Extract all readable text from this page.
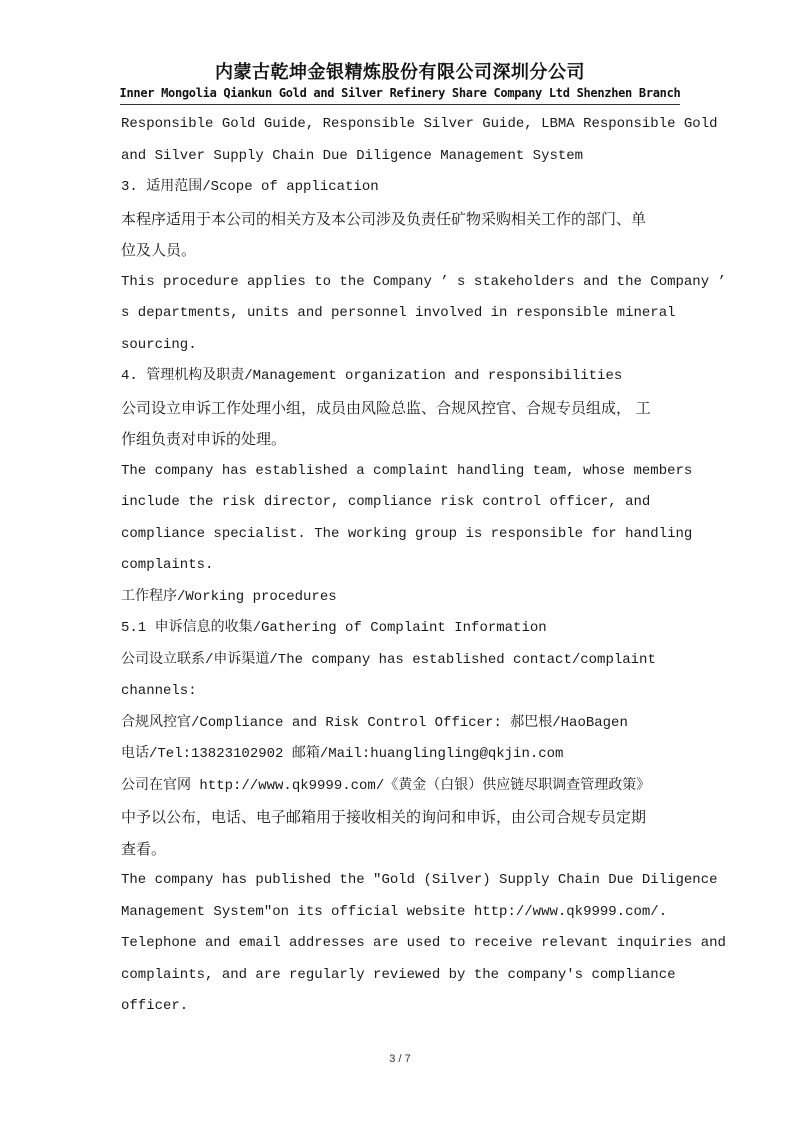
内蒙古乾坤金银精炼股份有限公司深圳分公司
Inner Mongolia Qiankun Gold and Silver Refinery Share Company Ltd Shenzhen Branch
Responsible Gold Guide, Responsible Silver Guide, LBMA Responsible Gold
and Silver Supply Chain Due Diligence Management System
3. 适用范围/Scope of application
本程序适用于本公司的相关方及本公司涉及负责任矿物采购相关工作的部门、单
位及人员。
This procedure applies to the Company ’ s stakeholders and the Company ’
s departments, units and personnel involved in responsible mineral
sourcing.
4. 管理机构及职责/Management organization and responsibilities
公司设立申诉工作处理小组，成员由风险总监、合规风控官、合规专员组成， 工
作组负责对申诉的处理。
The company has established a complaint handling team, whose members
include the risk director, compliance risk control officer, and
compliance specialist. The working group is responsible for handling
complaints.
工作程序/Working procedures
5.1 申诉信息的收集/Gathering of Complaint Information
公司设立联系/申诉渠道/The company has established contact/complaint
channels:
合规风控官/Compliance and Risk Control Officer: 郝巴根/HaoBagen
电话/Tel:13823102902 邮箱/Mail:huanglingling@qkjin.com
公司在官网 http://www.qk9999.com/《黄金（白银）供应链尽职调查管理政策》
中予以公布，电话、电子邮箱用于接收相关的询问和申诉，由公司合规专员定期
查看。
The company has published the "Gold (Silver) Supply Chain Due Diligence
Management System"on its official website http://www.qk9999.com/.
Telephone and email addresses are used to receive relevant inquiries and
complaints, and are regularly reviewed by the company's compliance
officer.
3 / 7
